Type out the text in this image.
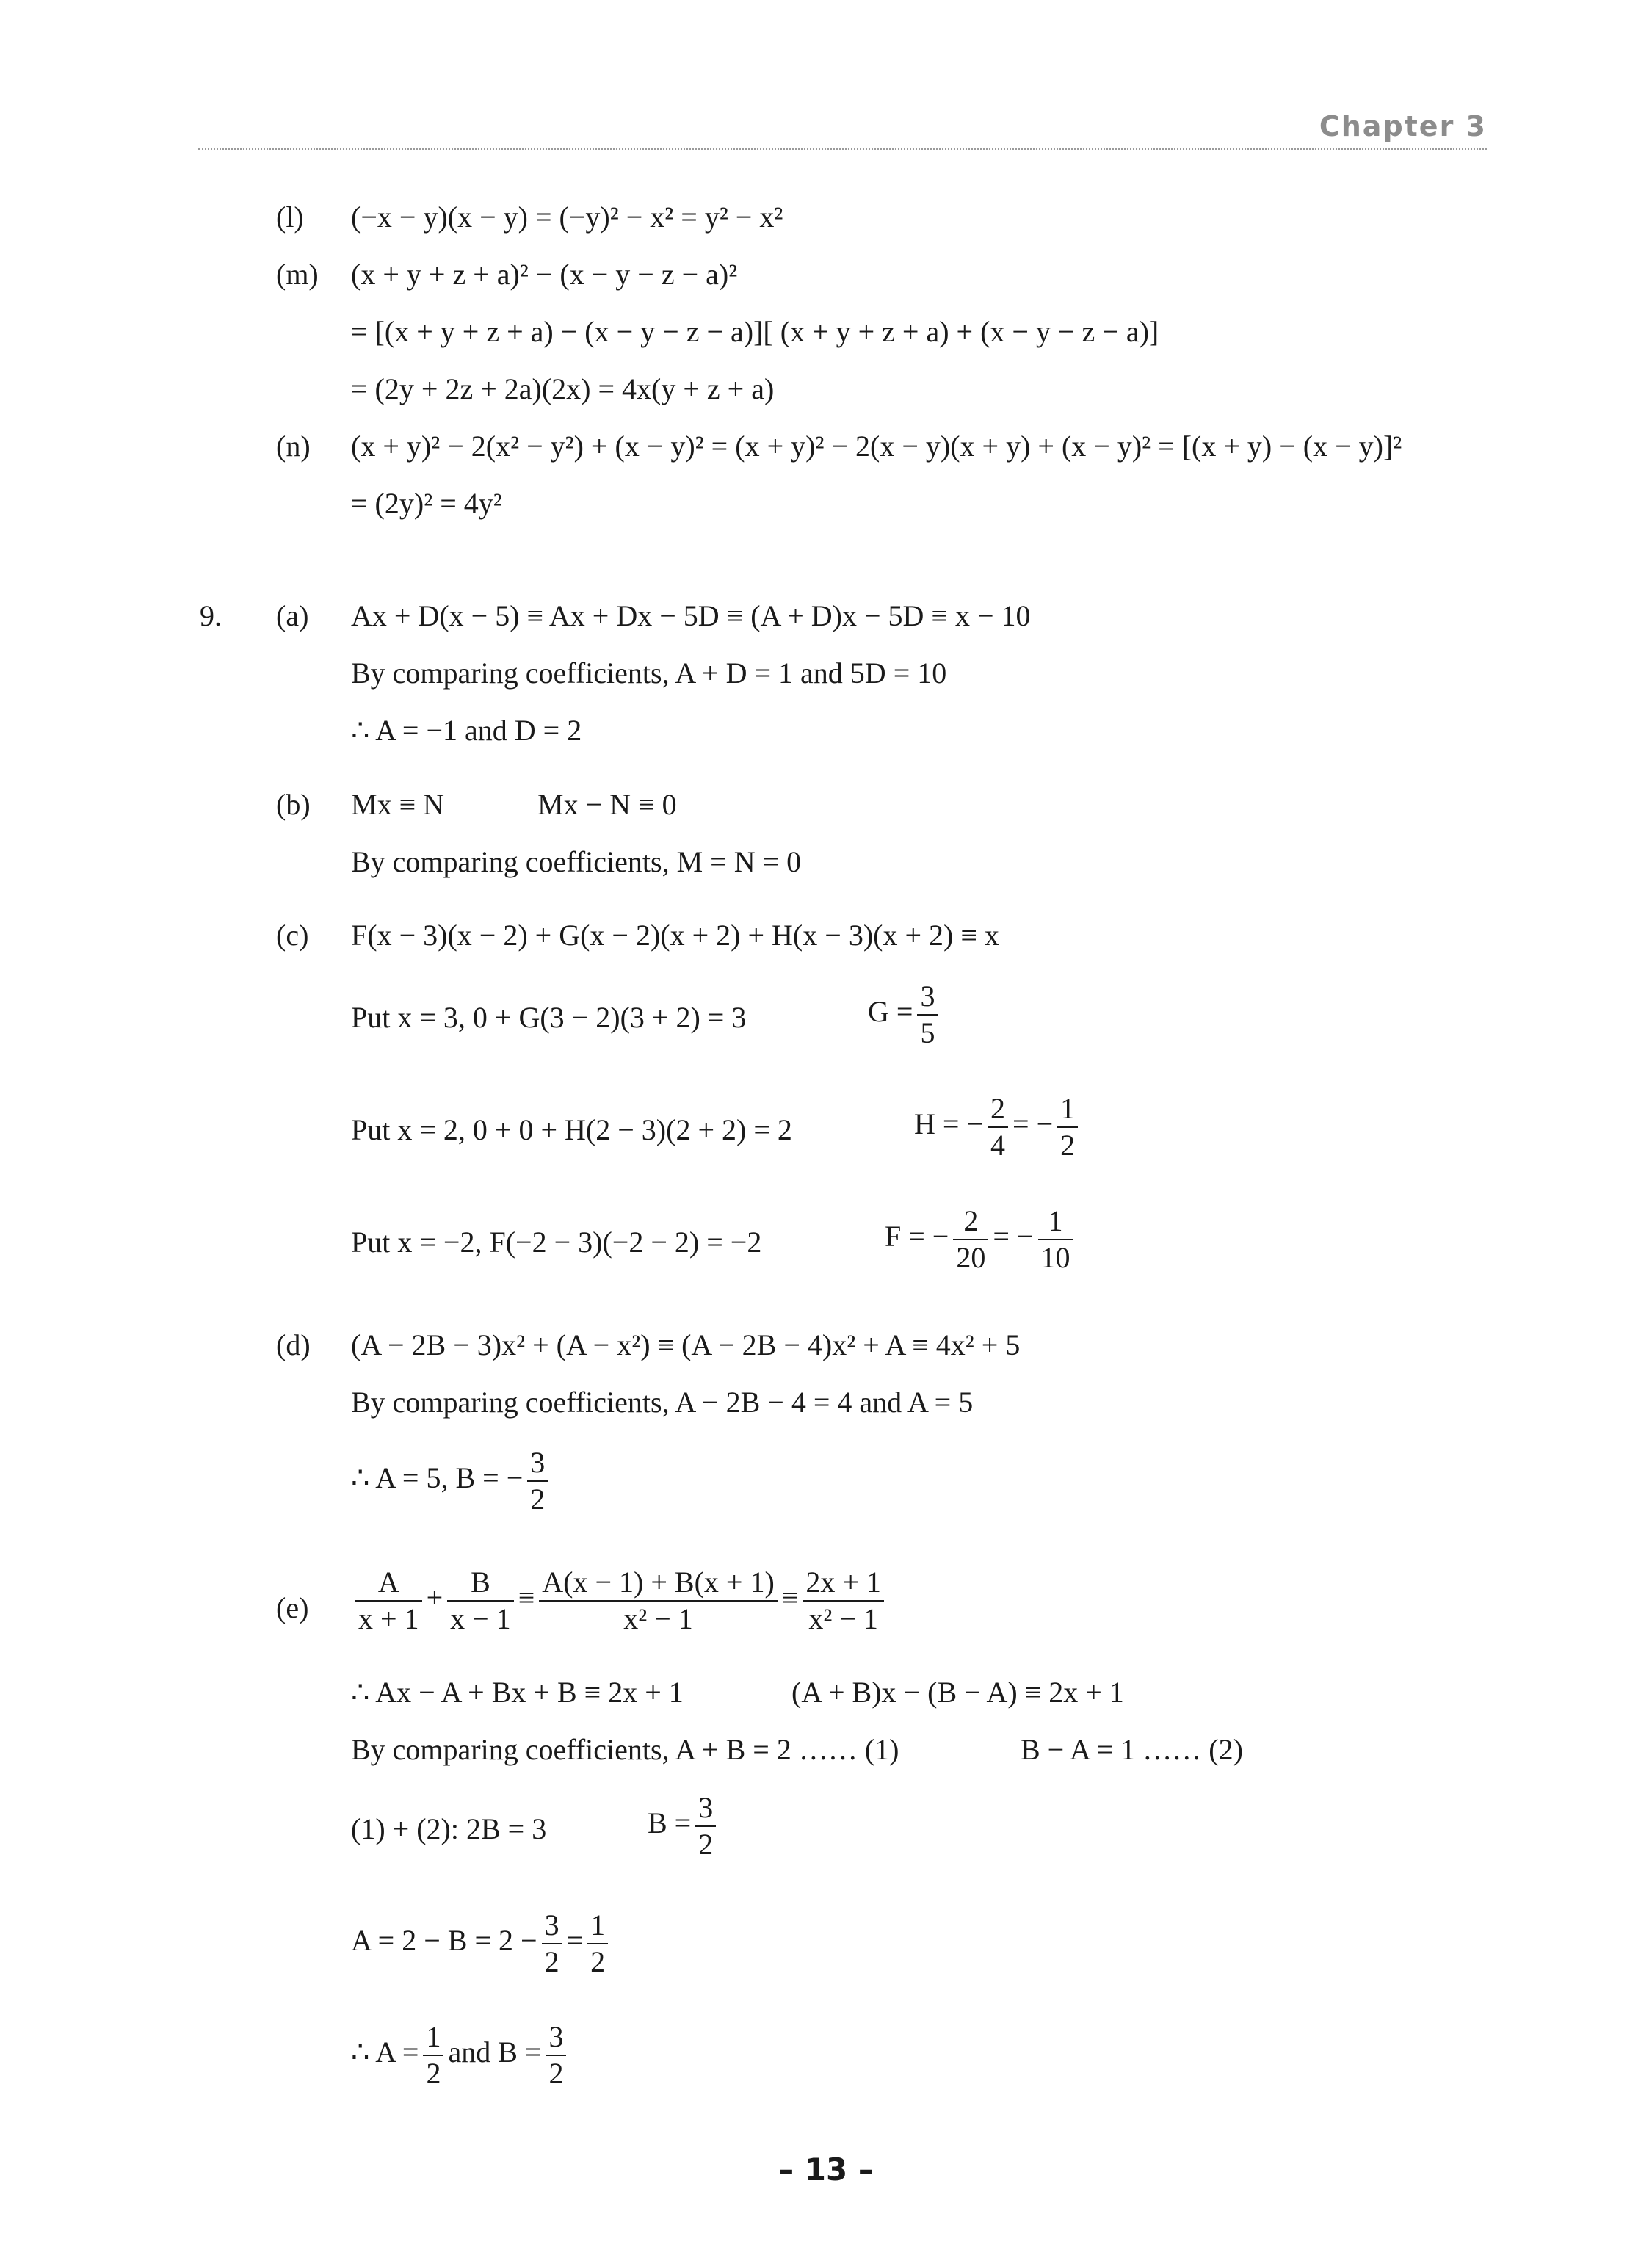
Chapter 3
(l) (−x − y)(x − y) = (−y)² − x² = y² − x²
(m) (x + y + z + a)² − (x − y − z − a)²
= [(x + y + z + a) − (x − y − z − a)][ (x + y + z + a) + (x − y − z − a)]
= (2y + 2z + 2a)(2x) = 4x(y + z + a)
(n) (x + y)² − 2(x² − y²) + (x − y)² = (x + y)² − 2(x − y)(x + y) + (x − y)² = [(x + y) − (x − y)]²
= (2y)² = 4y²
9. (a) Ax + D(x − 5) ≡ Ax + Dx − 5D ≡ (A + D)x − 5D ≡ x − 10
By comparing coefficients, A + D = 1 and 5D = 10
∴ A = −1 and D = 2
(b) Mx ≡ N	Mx − N ≡ 0
By comparing coefficients, M = N = 0
(c) F(x − 3)(x − 2) + G(x − 2)(x + 2) + H(x − 3)(x + 2) ≡ x
Put x = 3, 0 + G(3 − 2)(3 + 2) = 3	$G = \frac{3}{5}$
Put x = 2, 0 + 0 + H(2 − 3)(2 + 2) = 2	H = − $\frac{2}{4}$ = − $\frac{1}{2}$
Put x = −2, F(−2 − 3)(−2 − 2) = −2	F = − $\frac{2}{20}$ = − $\frac{1}{10}$
(d) (A − 2B − 3)x² + (A − x²) ≡ (A − 2B − 4)x² + A ≡ 4x² + 5
By comparing coefficients, A − 2B − 4 = 4 and A = 5
∴ A = 5, B = − $\frac{3}{2}$
$(e) \frac{A}{x + 1} + \frac{B}{x - 1} \equiv \frac{A(x - 1) + B(x + 1)}{\text{x² − 1}} \equiv \frac{2x + 1}{\text{x² − 1}}$
∴ Ax − A + Bx + B ≡ 2x + 1	(A + B)x − (B − A) ≡ 2x + 1
By comparing coefficients, A + B = 2 …… (1)	B − A = 1 …… (2)
(1) + (2): 2B = 3	$B = \frac{3}{2}$
$A = 2 - B = 2 - \frac{3}{2} = \frac{1}{2}$
∴ $A = \frac{1}{2}$ and $B = \frac{3}{2}$
– 13 –
